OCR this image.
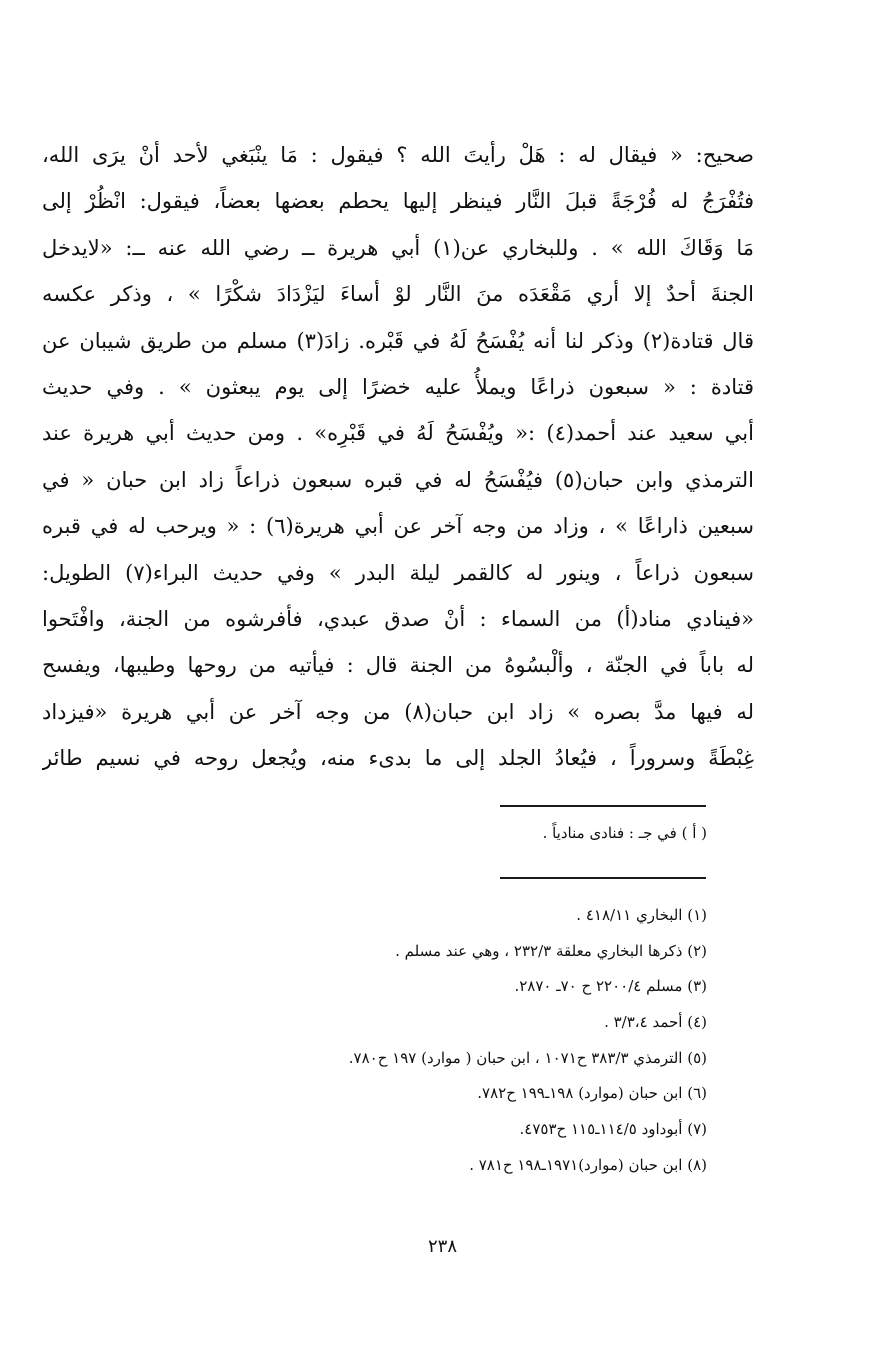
صحيح: « فيقال له : هَلْ رأيتَ الله ؟ فيقول : مَا ينْبَغي لأحد أنْ يرَى الله،
فتُفْرَجُ له فُرْجَةً قبلَ النَّار فينظر إليها يحطم بعضها بعضاً، فيقول: انْظُرْ إلى
مَا وَقَاكَ الله » . وللبخاري عن(١) أبي هريرة ــ رضي الله عنه ــ: «لايدخل
الجنةَ أحدٌ إلا أري مَقْعَدَه منَ النَّار لوْ أساءَ ليَزْدَادَ شكْرًا » ، وذكر عكسه
قال قتادة(٢) وذكر لنا أنه يُفْسَحُ لَهُ في قَبْره. زادَ(٣) مسلم من طريق شيبان عن
قتادة : « سبعون ذراعًا ويملأُ عليه خضرًا إلى يوم يبعثون » . وفي حديث
أبي سعيد عند أحمد(٤) :« ويُفْسَحُ لَهُ في قَبْرِه» . ومن حديث أبي هريرة عند
الترمذي وابن حبان(٥) فيُفْسَحُ له في قبره سبعون ذراعاً زاد ابن حبان « في
سبعين ذاراعًا » ، وزاد من وجه آخر عن أبي هريرة(٦) : « ويرحب له في قبره
سبعون ذراعاً ، وينور له كالقمر ليلة البدر » وفي حديث البراء(٧) الطويل:
«فينادي مناد(أ) من السماء : أنْ صدق عبدي، فأفرشوه من الجنة، وافْتَحوا
له باباً في الجنّة ، وألْبسُوهُ من الجنة قال : فيأتيه من روحها وطيبها، ويفسح
له فيها مدَّ بصره » زاد ابن حبان(٨) من وجه آخر عن أبي هريرة «فيزداد
غِبْطَةً وسروراً ، فيُعادُ الجلد إلى ما بدىء منه، ويُجعل روحه في نسيم طائر
( أ ) في جـ : فنادى منادياً .
(١) البخاري ٤١٨/١١ .
(٢) ذكرها البخاري معلقة ٢٣٢/٣ ، وهي عند مسلم .
(٣) مسلم ٢٢٠٠/٤ ح ٧٠ـ ٢٨٧٠.
(٤) أحمد ٣/٣،٤ .
(٥) الترمذي ٣٨٣/٣ ح١٠٧١ ، ابن حبان ( موارد) ١٩٧ ح٧٨٠.
(٦) ابن حبان (موارد) ١٩٨ـ١٩٩ ح٧٨٢.
(٧) أبوداود ١١٤/٥ـ١١٥ ح٤٧٥٣.
(٨) ابن حبان (موارد)١٩٧١ـ١٩٨ ح٧٨١ .
٢٣٨
